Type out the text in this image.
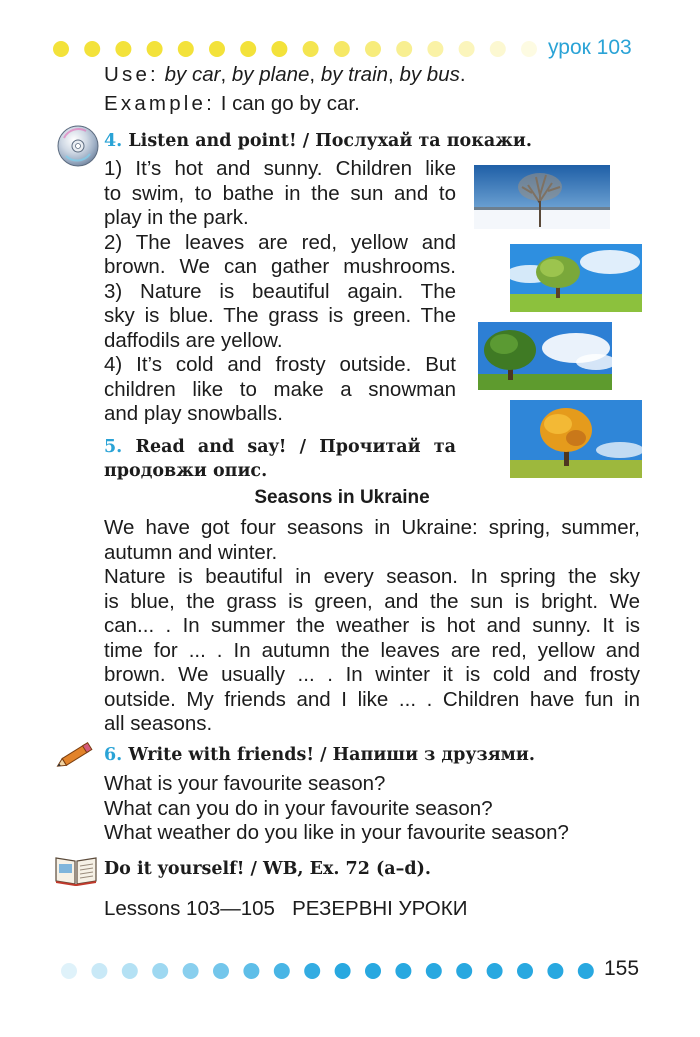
урок 103
Use: by car, by plane, by train, by bus.
Example: I can go by car.
4. Listen and point! / Послухай та покажи.
1) It’s hot and sunny. Children like
to swim, to bathe in the sun and to
play in the park.
2) The leaves are red, yellow and
brown. We can gather mushrooms.
3) Nature is beautiful again. The
sky is blue. The grass is green. The
daffodils are yellow.
4) It’s cold and frosty outside. But
children like to make a snowman
and play snowballs.
5. Read and say! / Прочитай та
продовжи опис.
Seasons in Ukraine
We have got four seasons in Ukraine: spring, summer,
autumn and winter.
Nature is beautiful in every season. In spring the sky
is blue, the grass is green, and the sun is bright. We
can... . In summer the weather is hot and sunny. It is
time for ... . In autumn the leaves are red, yellow and
brown. We usually ... . In winter it is cold and frosty
outside. My friends and I like ... . Children have fun in
all seasons.
6. Write with friends! / Напиши з друзями.
What is your favourite season?
What can you do in your favourite season?
What weather do you like in your favourite season?
Do it yourself! / WB, Ex. 72 (a–d).
Lessons 103—105 РЕЗЕРВНІ УРОКИ
155
